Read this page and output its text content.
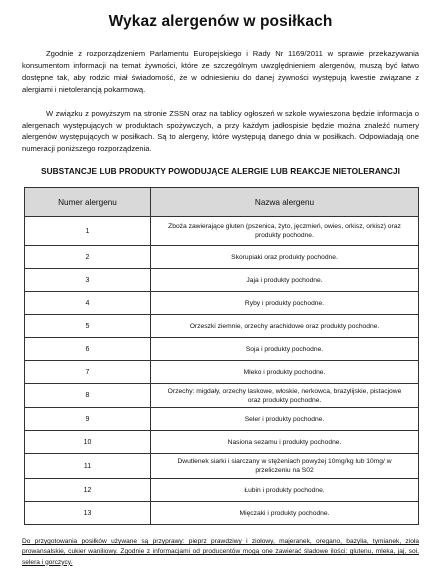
Wykaz alergenów w posiłkach

Zgodnie z rozporządzeniem Parlamentu Europejskiego i Rady Nr 1169/2011 w sprawie przekazywania konsumentom informacji na temat żywności, które ze szczególnym uwzględnieniem alergenów, muszą być łatwo dostępne tak, aby rodzic miał świadomość, że w odniesieniu do danej żywności występują kwestie związane z alergiami i nietolerancją pokarmową.

W związku z powyższym na stronie ZSSN oraz na tablicy ogłoszeń w szkole wywieszona będzie informacja o alergenach występujących w produktach spożywczych, a przy każdym jadłospisie będzie można znaleźć numery alergenów występujących w posiłkach. Są to alergeny, które występują danego dnia w posiłkach. Odpowiadają one numeracji poniższego rozporządzenia.

SUBSTANCJE LUB PRODUKTY POWODUJĄCE ALERGIE LUB REAKCJE NIETOLERANCJI

Numer alergenu	Nazwa alergenu
1	Zboża zawierające gluten (pszenica, żyto, jęczmień, owies, orkisz, orkisz) oraz produkty pochodne.
2	Skorupiaki oraz produkty pochodne.
3	Jaja i produkty pochodne.
4	Ryby i produkty pochodne.
5	Orzeszki ziemnie, orzechy arachidowe oraz produkty pochodne.
6	Soja i produkty pochodne.
7	Mleko i produkty pochodne.
8	Orzechy: migdały, orzechy laskowe, włoskie, nerkowca, brazylijskie, pistacjowe oraz produkty pochodne.
9	Seler i produkty pochodne.
10	Nasiona sezamu i produkty pochodne.
11	Dwutlenek siarki i siarczany w stężeniach powyżej 10mg/kg lub 10mg/ w przeliczeniu na S02
12	Łubin i produkty pochodne.
13	Mięczaki i produkty pochodne.

Do przygotowania posiłków używane są przyprawy: pieprz prawdziwy i ziołowy, majeranek, oregano, bazylia, tymianek, zioła prowansalskie, cukier waniliowy. Zgodnie z informacjami od producentów mogą one zawierać śladowe ilości: glutenu, mleka, jaj, soi, selera i gorczycy.
